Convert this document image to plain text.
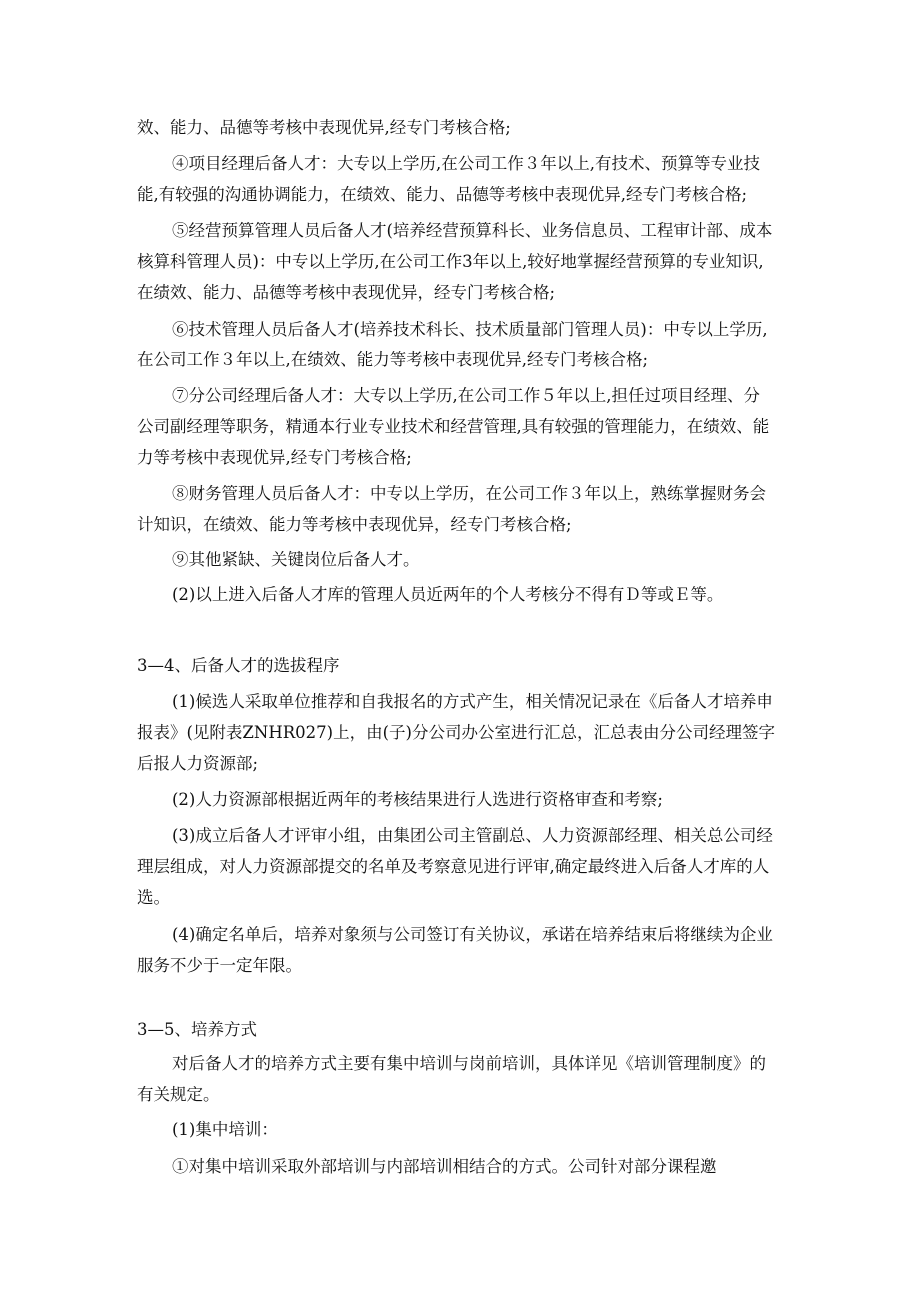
效、能力、品德等考核中表现优异,经专门考核合格;

④项目经理后备人才：大专以上学历,在公司工作３年以上,有技术、预算等专业技

能,有较强的沟通协调能力，在绩效、能力、品德等考核中表现优异,经专门考核合格;

⑤经营预算管理人员后备人才(培养经营预算科长、业务信息员、工程审计部、成本

核算科管理人员)：中专以上学历,在公司工作3年以上,较好地掌握经营预算的专业知识,

在绩效、能力、品德等考核中表现优异，经专门考核合格;

⑥技术管理人员后备人才(培养技术科长、技术质量部门管理人员)：中专以上学历,

在公司工作３年以上,在绩效、能力等考核中表现优异,经专门考核合格;

⑦分公司经理后备人才：大专以上学历,在公司工作５年以上,担任过项目经理、分

公司副经理等职务，精通本行业专业技术和经营管理,具有较强的管理能力，在绩效、能

力等考核中表现优异,经专门考核合格;

⑧财务管理人员后备人才：中专以上学历，在公司工作３年以上，熟练掌握财务会

计知识，在绩效、能力等考核中表现优异，经专门考核合格;

⑨其他紧缺、关键岗位后备人才。

(2)以上进入后备人才库的管理人员近两年的个人考核分不得有Ｄ等或Ｅ等。

3—4、后备人才的选拔程序

(1)候选人采取单位推荐和自我报名的方式产生，相关情况记录在《后备人才培养申

报表》(见附表ZNHR027)上，由(子)分公司办公室进行汇总，汇总表由分公司经理签字

后报人力资源部;

(2)人力资源部根据近两年的考核结果进行人选进行资格审查和考察;

(3)成立后备人才评审小组，由集团公司主管副总、人力资源部经理、相关总公司经

理层组成，对人力资源部提交的名单及考察意见进行评审,确定最终进入后备人才库的人

选。

(4)确定名单后，培养对象须与公司签订有关协议，承诺在培养结束后将继续为企业

服务不少于一定年限。

3—5、培养方式

对后备人才的培养方式主要有集中培训与岗前培训，具体详见《培训管理制度》的

有关规定。

(1)集中培训：

①对集中培训采取外部培训与内部培训相结合的方式。公司针对部分课程邀
